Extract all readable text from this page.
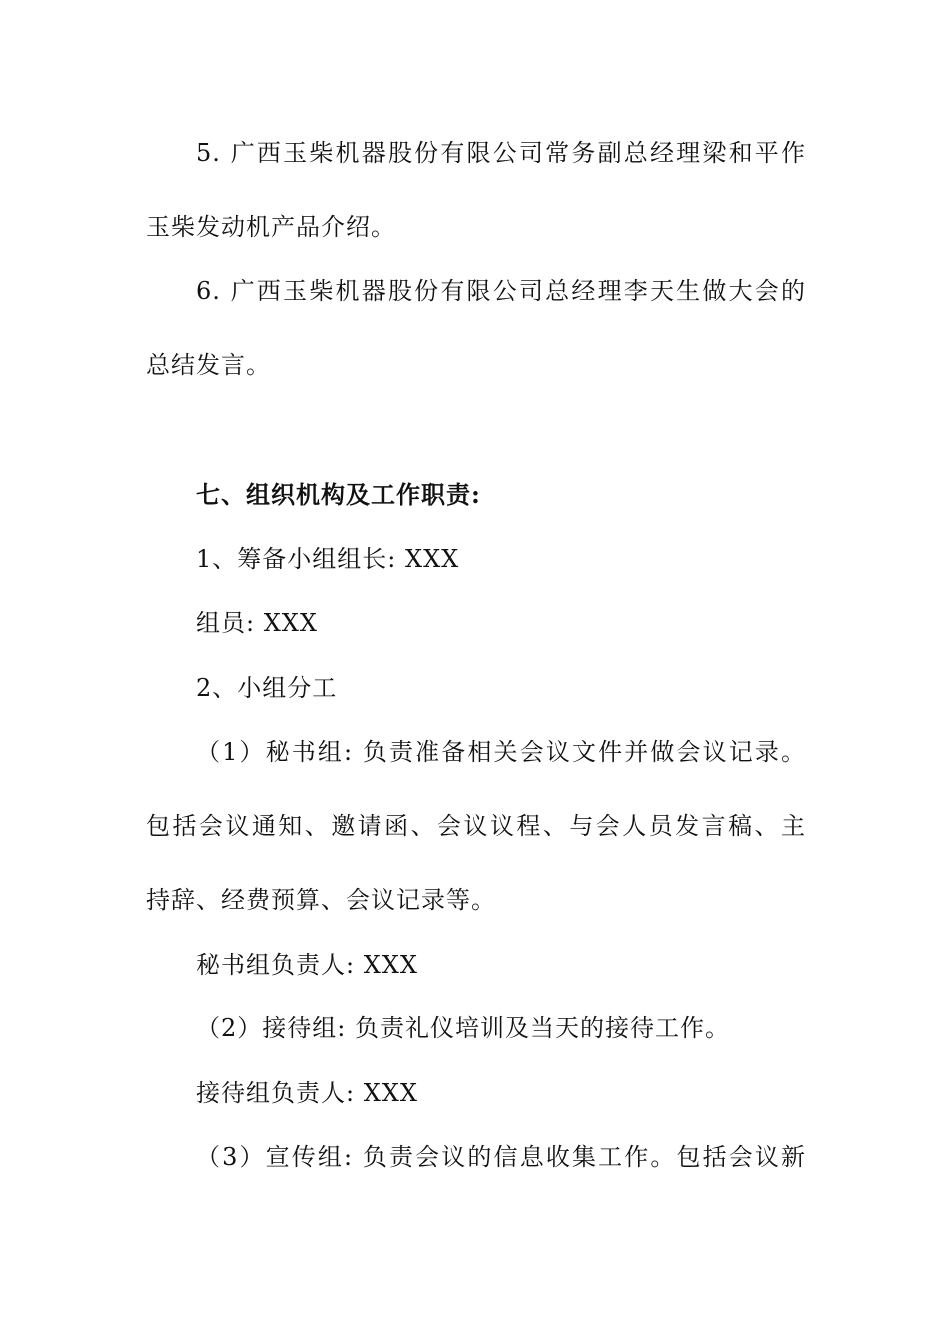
5. 广西玉柴机器股份有限公司常务副总经理梁和平作
玉柴发动机产品介绍。
6. 广西玉柴机器股份有限公司总经理李天生做大会的
总结发言。
七、组织机构及工作职责:
1、筹备小组组长: XXX
组员: XXX
2、小组分工
（1）秘书组: 负责准备相关会议文件并做会议记录。
包括会议通知、邀请函、会议议程、与会人员发言稿、主
持辞、经费预算、会议记录等。
秘书组负责人: XXX
（2）接待组: 负责礼仪培训及当天的接待工作。
接待组负责人: XXX
（3）宣传组: 负责会议的信息收集工作。包括会议新
